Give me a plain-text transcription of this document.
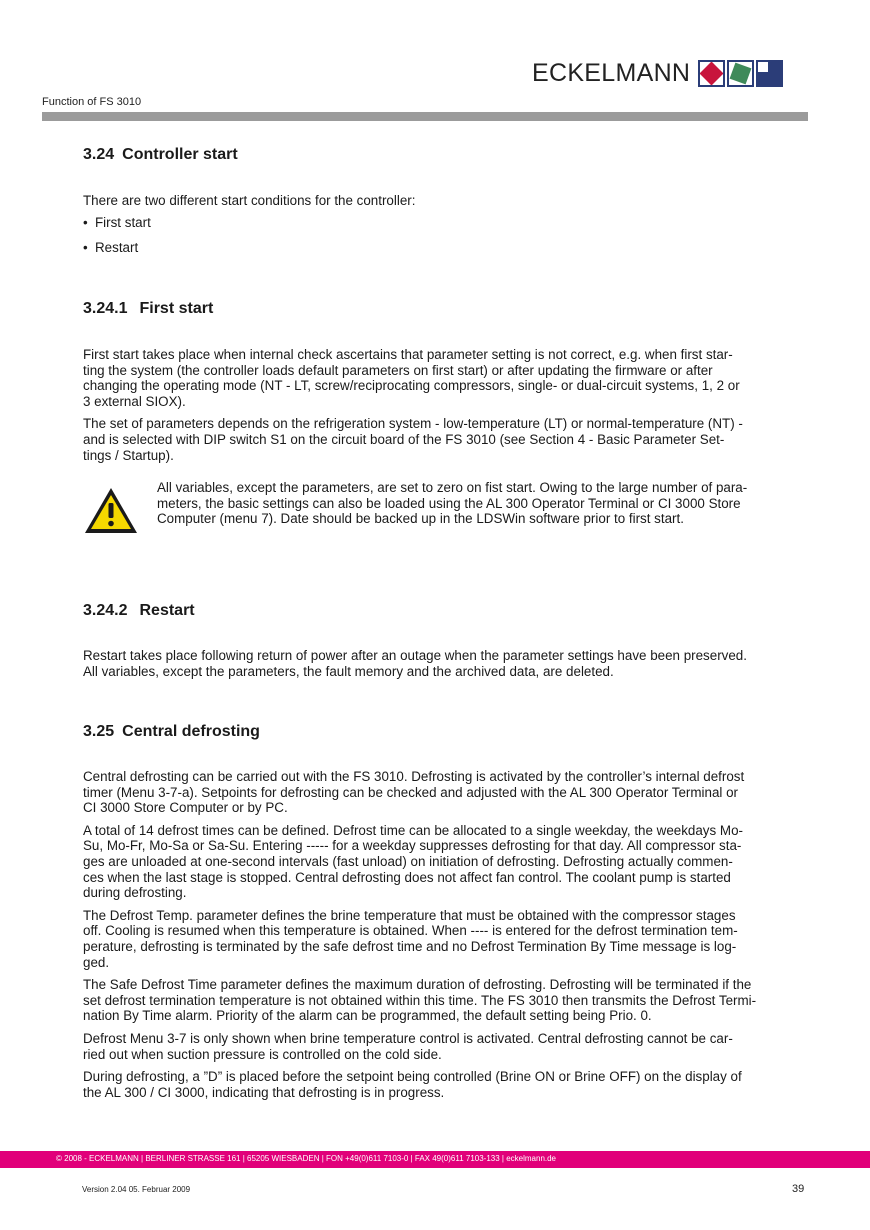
ECKELMANN
Function of FS 3010
3.24 Controller start

There are two different start conditions for the controller:

• First start
• Restart
3.24.1 First start

First start takes place when internal check ascertains that parameter setting is not correct, e.g. when first star-
ting the system (the controller loads default parameters on first start) or after updating the firmware or after
changing the operating mode (NT - LT, screw/reciprocating compressors, single- or dual-circuit systems, 1, 2 or
3 external SIOX).

The set of parameters depends on the refrigeration system - low-temperature (LT) or normal-temperature (NT) -
and is selected with DIP switch S1 on the circuit board of the FS 3010 (see Section 4 - Basic Parameter Set-
tings / Startup).

All variables, except the parameters, are set to zero on fist start. Owing to the large number of para-
meters, the basic settings can also be loaded using the AL 300 Operator Terminal or CI 3000 Store
Computer (menu 7). Date should be backed up in the LDSWin software prior to first start.
3.24.2 Restart

Restart takes place following return of power after an outage when the parameter settings have been preserved.
All variables, except the parameters, the fault memory and the archived data, are deleted.

3.25 Central defrosting

Central defrosting can be carried out with the FS 3010. Defrosting is activated by the controller’s internal defrost
timer (Menu 3-7-a). Setpoints for defrosting can be checked and adjusted with the AL 300 Operator Terminal or
CI 3000 Store Computer or by PC.

A total of 14 defrost times can be defined. Defrost time can be allocated to a single weekday, the weekdays Mo-
Su, Mo-Fr, Mo-Sa or Sa-Su. Entering ----- for a weekday suppresses defrosting for that day. All compressor sta-
ges are unloaded at one-second intervals (fast unload) on initiation of defrosting. Defrosting actually commen-
ces when the last stage is stopped. Central defrosting does not affect fan control. The coolant pump is started
during defrosting.

The Defrost Temp. parameter defines the brine temperature that must be obtained with the compressor stages
off. Cooling is resumed when this temperature is obtained. When ---- is entered for the defrost termination tem-
perature, defrosting is terminated by the safe defrost time and no Defrost Termination By Time message is log-
ged.

The Safe Defrost Time parameter defines the maximum duration of defrosting. Defrosting will be terminated if the
set defrost termination temperature is not obtained within this time. The FS 3010 then transmits the Defrost Termi-
nation By Time alarm. Priority of the alarm can be programmed, the default setting being Prio. 0.

Defrost Menu 3-7 is only shown when brine temperature control is activated. Central defrosting cannot be car-
ried out when suction pressure is controlled on the cold side.

During defrosting, a ”D” is placed before the setpoint being controlled (Brine ON or Brine OFF) on the display of
the AL 300 / CI 3000, indicating that defrosting is in progress.

© 2008 - ECKELMANN | BERLINER STRASSE 161 | 65205 WIESBADEN | FON +49(0)611 7103-0 | FAX 49(0)611 7103-133 | eckelmann.de
Version 2.04 05. Februar 2009	39
